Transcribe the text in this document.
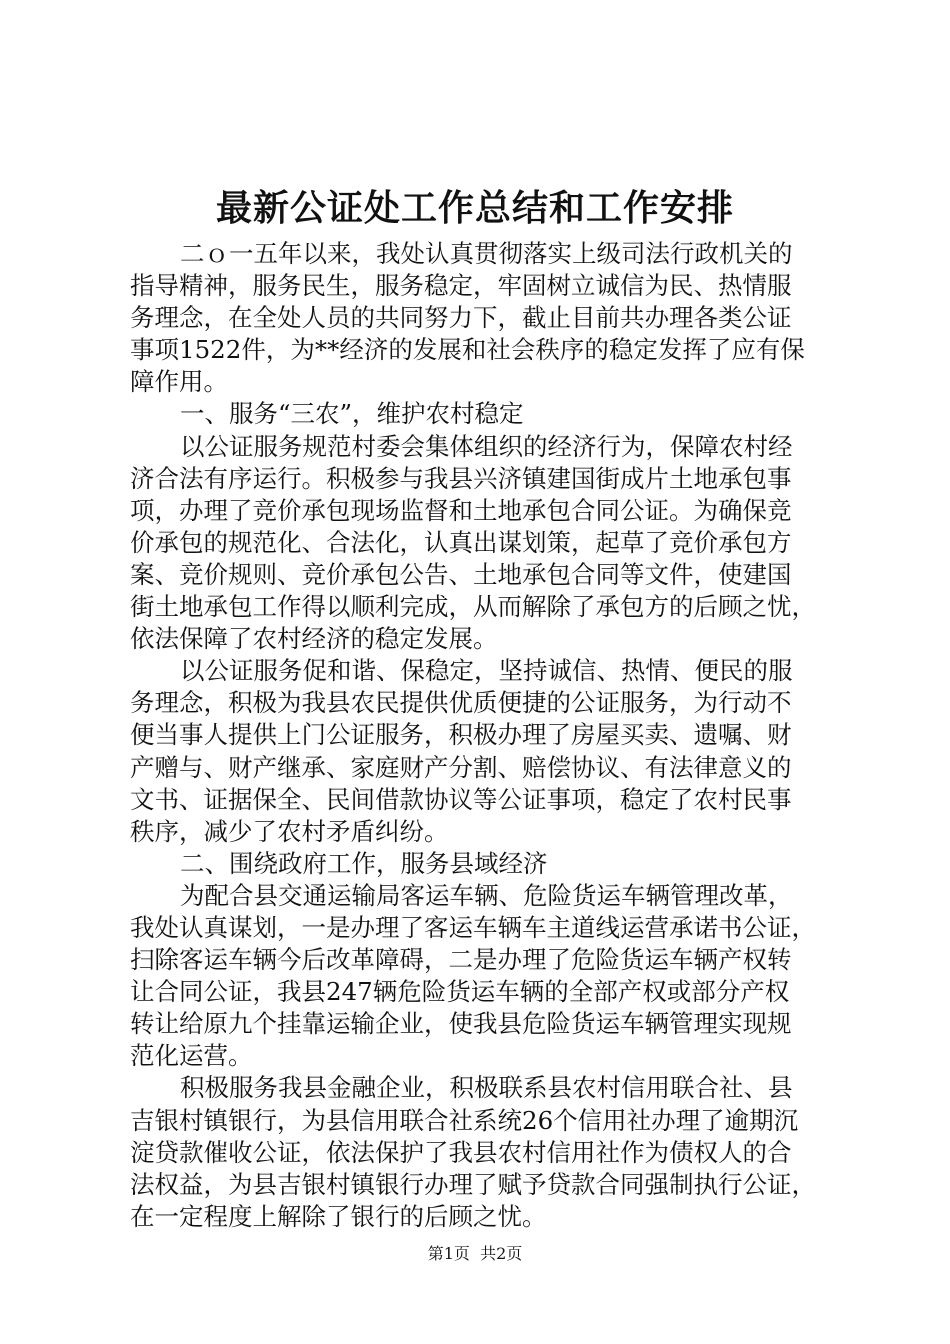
最新公证处工作总结和工作安排
二ｏ一五年以来，我处认真贯彻落实上级司法行政机关的
指导精神，服务民生，服务稳定，牢固树立诚信为民、热情服
务理念，在全处人员的共同努力下，截止目前共办理各类公证
事项1522件，为**经济的发展和社会秩序的稳定发挥了应有保
障作用。
一、服务“三农”，维护农村稳定
以公证服务规范村委会集体组织的经济行为，保障农村经
济合法有序运行。积极参与我县兴济镇建国街成片土地承包事
项，办理了竞价承包现场监督和土地承包合同公证。为确保竞
价承包的规范化、合法化，认真出谋划策，起草了竞价承包方
案、竞价规则、竞价承包公告、土地承包合同等文件，使建国
街土地承包工作得以顺利完成，从而解除了承包方的后顾之忧，
依法保障了农村经济的稳定发展。
以公证服务促和谐、保稳定，坚持诚信、热情、便民的服
务理念，积极为我县农民提供优质便捷的公证服务，为行动不
便当事人提供上门公证服务，积极办理了房屋买卖、遗嘱、财
产赠与、财产继承、家庭财产分割、赔偿协议、有法律意义的
文书、证据保全、民间借款协议等公证事项，稳定了农村民事
秩序，减少了农村矛盾纠纷。
二、围绕政府工作，服务县域经济
为配合县交通运输局客运车辆、危险货运车辆管理改革，
我处认真谋划，一是办理了客运车辆车主道线运营承诺书公证，
扫除客运车辆今后改革障碍，二是办理了危险货运车辆产权转
让合同公证，我县247辆危险货运车辆的全部产权或部分产权
转让给原九个挂靠运输企业，使我县危险货运车辆管理实现规
范化运营。
积极服务我县金融企业，积极联系县农村信用联合社、县
吉银村镇银行，为县信用联合社系统26个信用社办理了逾期沉
淀贷款催收公证，依法保护了我县农村信用社作为债权人的合
法权益，为县吉银村镇银行办理了赋予贷款合同强制执行公证，
在一定程度上解除了银行的后顾之忧。
第1页  共2页
